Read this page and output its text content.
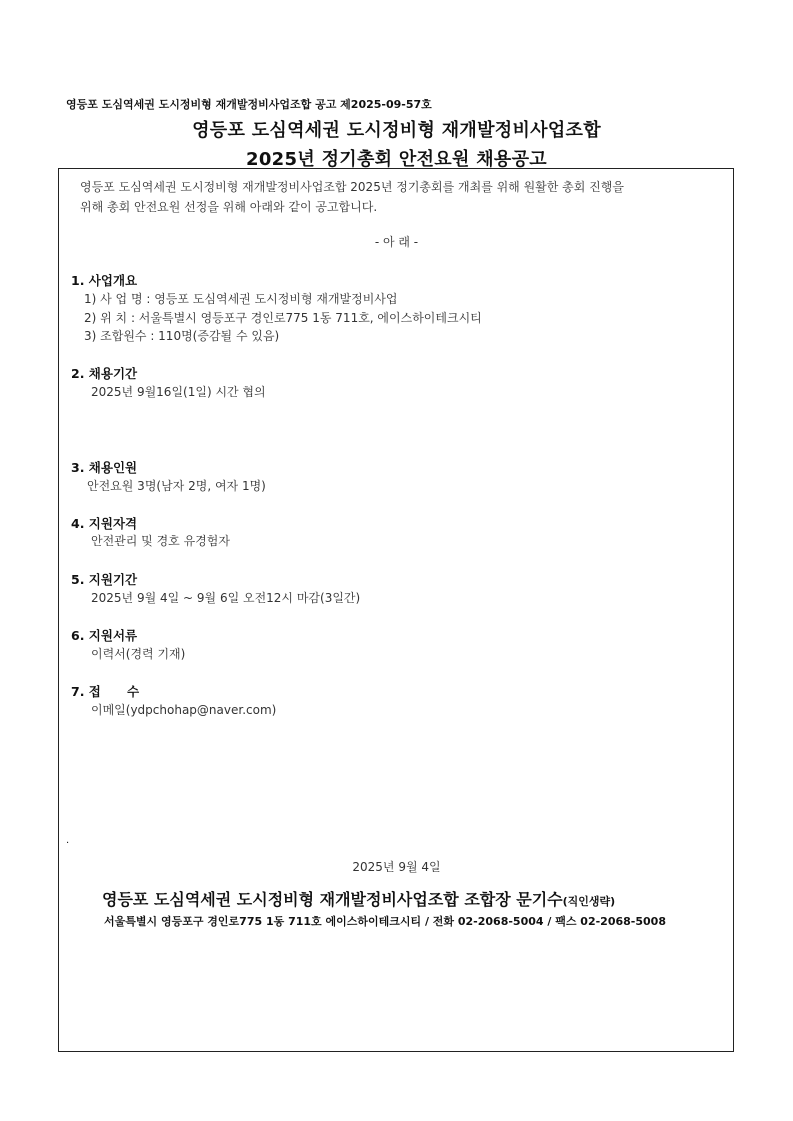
영등포 도심역세권 도시정비형 재개발정비사업조합 공고 제2025-09-57호
영등포 도심역세권 도시정비형 재개발정비사업조합
2025년 정기총회 안전요원 채용공고
영등포 도심역세권 도시정비형 재개발정비사업조합 2025년 정기총회를 개최를 위해 원활한 총회 진행을
위해 총회 안전요원 선정을 위해 아래와 같이 공고합니다.
- 아 래 -
1. 사업개요
1) 사 업 명 : 영등포 도심역세권 도시정비형 재개발정비사업
2) 위 치 : 서울특별시 영등포구 경인로775 1동 711호, 에이스하이테크시티
3) 조합원수 : 110명(증감될 수 있음)
2. 채용기간
2025년 9월16일(1일) 시간 협의
3. 채용인원
안전요원 3명(남자 2명, 여자 1명)
4. 지원자격
안전관리 및 경호 유경험자
5. 지원기간
2025년 9월 4일 ~ 9월 6일 오전12시 마감(3일간)
6. 지원서류
이력서(경력 기재)
7. 접      수
이메일(ydpchohap@naver.com)
.
2025년 9월 4일
영등포 도심역세권 도시정비형 재개발정비사업조합 조합장 문기수(직인생략)
서울특별시 영등포구 경인로775 1동 711호 에이스하이테크시티 / 전화 02-2068-5004 / 팩스 02-2068-5008
